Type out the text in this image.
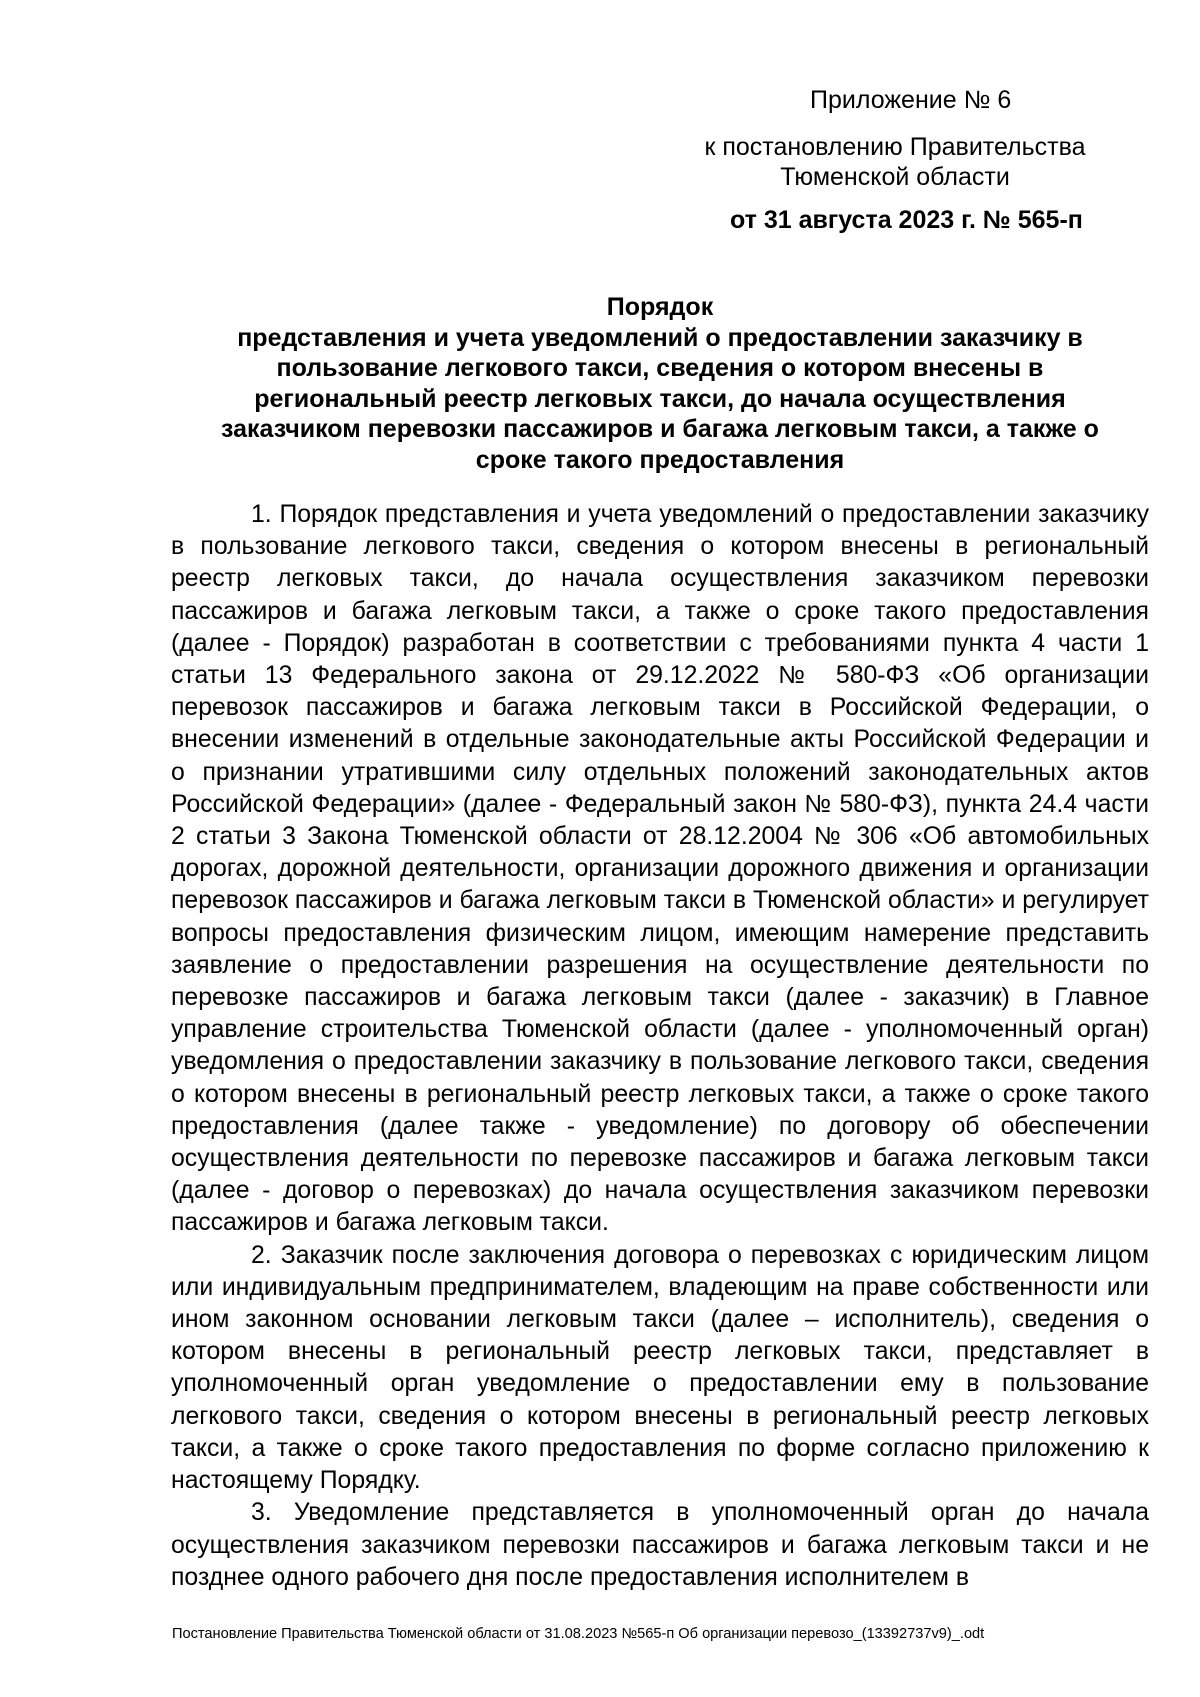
Приложение № 6
к постановлению Правительства Тюменской области
от 31 августа 2023 г. № 565-п
Порядок
представления и учета уведомлений о предоставлении заказчику в
пользование легкового такси, сведения о котором внесены в
региональный реестр легковых такси, до начала осуществления
заказчиком перевозки пассажиров и багажа легковым такси, а также о
сроке такого предоставления

1. Порядок представления и учета уведомлений о предоставлении заказчику в пользование легкового такси, сведения о котором внесены в региональный реестр легковых такси, до начала осуществления заказчиком перевозки пассажиров и багажа легковым такси, а также о сроке такого предоставления (далее - Порядок) разработан в соответствии с требованиями пункта 4 части 1 статьи 13 Федерального закона от 29.12.2022 № 580-ФЗ «Об организации перевозок пассажиров и багажа легковым такси в Российской Федерации, о внесении изменений в отдельные законодательные акты Российской Федерации и о признании утратившими силу отдельных положений законодательных актов Российской Федерации» (далее - Федеральный закон № 580-ФЗ), пункта 24.4 части 2 статьи 3 Закона Тюменской области от 28.12.2004 № 306 «Об автомобильных дорогах, дорожной деятельности, организации дорожного движения и организации перевозок пассажиров и багажа легковым такси в Тюменской области» и регулирует вопросы предоставления физическим лицом, имеющим намерение представить заявление о предоставлении разрешения на осуществление деятельности по перевозке пассажиров и багажа легковым такси (далее - заказчик) в Главное управление строительства Тюменской области (далее - уполномоченный орган) уведомления о предоставлении заказчику в пользование легкового такси, сведения о котором внесены в региональный реестр легковых такси, а также о сроке такого предоставления (далее также - уведомление) по договору об обеспечении осуществления деятельности по перевозке пассажиров и багажа легковым такси (далее - договор о перевозках) до начала осуществления заказчиком перевозки пассажиров и багажа легковым такси.

2. Заказчик после заключения договора о перевозках с юридическим лицом или индивидуальным предпринимателем, владеющим на праве собственности или ином законном основании легковым такси (далее – исполнитель), сведения о котором внесены в региональный реестр легковых такси, представляет в уполномоченный орган уведомление о предоставлении ему в пользование легкового такси, сведения о котором внесены в региональный реестр легковых такси, а также о сроке такого предоставления по форме согласно приложению к настоящему Порядку.

3. Уведомление представляется в уполномоченный орган до начала осуществления заказчиком перевозки пассажиров и багажа легковым такси и не позднее одного рабочего дня после предоставления исполнителем в

Постановление Правительства Тюменской области от 31.08.2023 №565-п Об организации перевозо_(13392737v9)_.odt
